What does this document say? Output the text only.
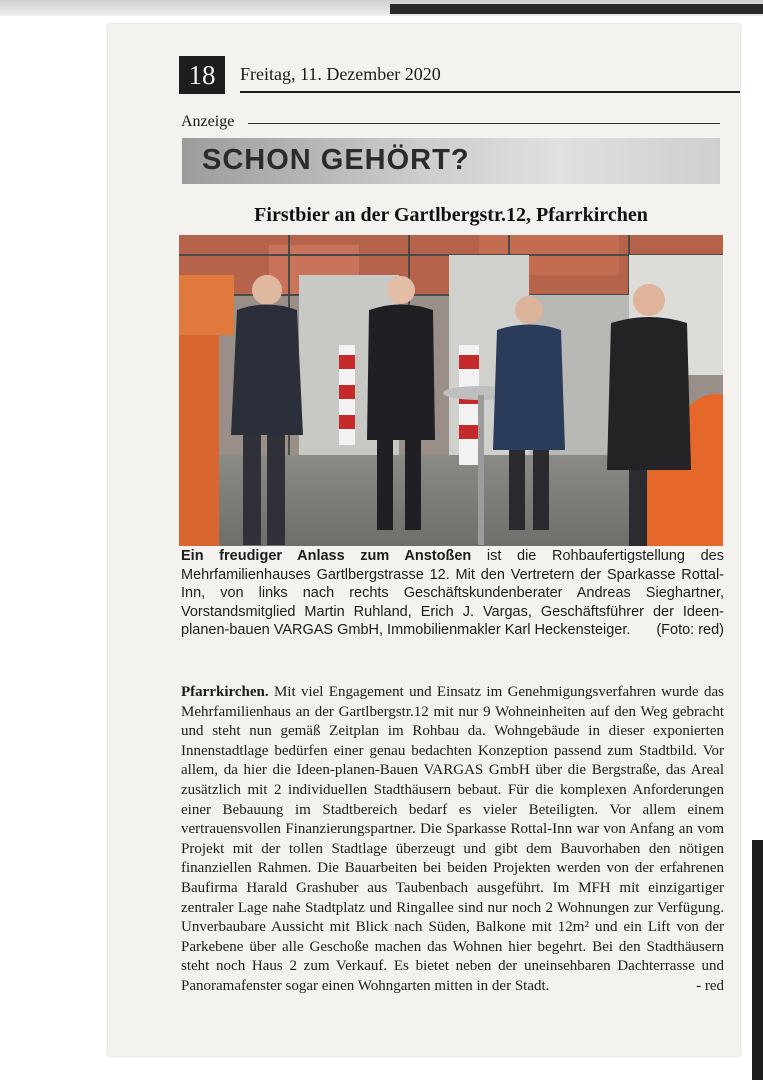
18	Freitag, 11. Dezember 2020
Anzeige
SCHON GEHÖRT?
Firstbier an der Gartlbergstr.12, Pfarrkirchen
Ein freudiger Anlass zum Anstoßen ist die Rohbaufertigstellung des Mehrfamilienhauses Gartlbergstrasse 12. Mit den Vertretern der Sparkasse Rottal-Inn, von links nach rechts Geschäftskundenberater Andreas Sieghartner, Vorstandsmitglied Martin Ruhland, Erich J. Vargas, Geschäftsführer der Ideen-planen-bauen VARGAS GmbH, Immobilienmakler Karl Heckensteiger. (Foto: red)
Pfarrkirchen. Mit viel Engagement und Einsatz im Genehmigungsverfahren wurde das Mehrfamilienhaus an der Gartlbergstr.12 mit nur 9 Wohneinheiten auf den Weg gebracht und steht nun gemäß Zeitplan im Rohbau da. Wohngebäude in dieser exponierten Innenstadtlage bedürfen einer genau bedachten Konzeption passend zum Stadtbild. Vor allem, da hier die Ideen-planen-Bauen VARGAS GmbH über die Bergstraße, das Areal zusätzlich mit 2 individuellen Stadthäusern bebaut. Für die komplexen Anforderungen einer Bebauung im Stadtbereich bedarf es vieler Beteiligten. Vor allem einem vertrauensvollen Finanzierungspartner. Die Sparkasse Rottal-Inn war von Anfang an vom Projekt mit der tollen Stadtlage überzeugt und gibt dem Bauvorhaben den nötigen finanziellen Rahmen. Die Bauarbeiten bei beiden Projekten werden von der erfahrenen Baufirma Harald Grashuber aus Taubenbach ausgeführt. Im MFH mit einzigartiger zentraler Lage nahe Stadtplatz und Ringallee sind nur noch 2 Wohnungen zur Verfügung. Unverbaubare Aussicht mit Blick nach Süden, Balkone mit 12m² und ein Lift von der Parkebene über alle Geschoße machen das Wohnen hier begehrt. Bei den Stadthäusern steht noch Haus 2 zum Verkauf. Es bietet neben der uneinsehbaren Dachterrasse und Panoramafenster sogar einen Wohngarten mitten in der Stadt.	- red
